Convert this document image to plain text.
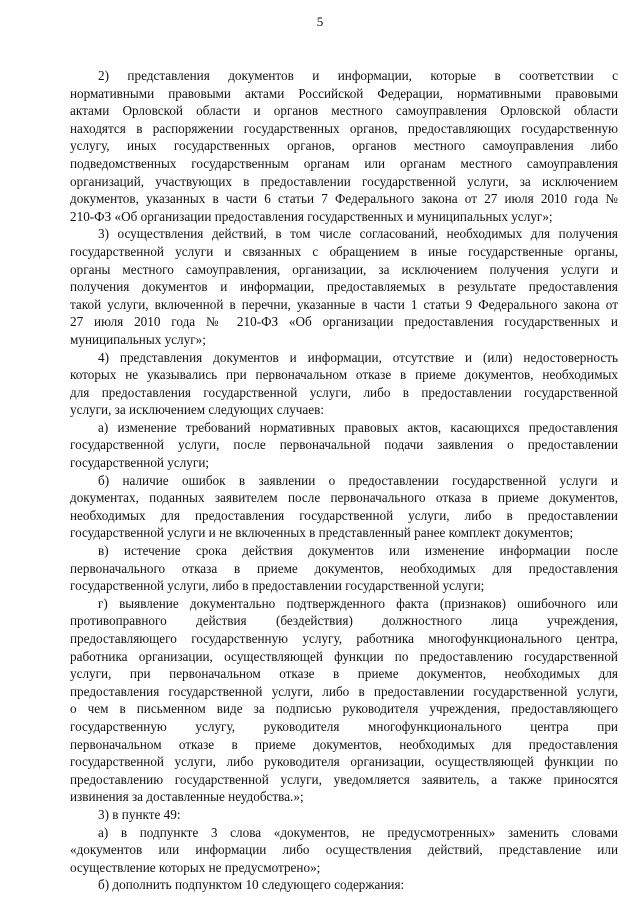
5
2) представления документов и информации, которые в соответствии с
нормативными правовыми актами Российской Федерации, нормативными правовыми
актами Орловской области и органов местного самоуправления Орловской области
находятся в распоряжении государственных органов, предоставляющих государственную
услугу, иных государственных органов, органов местного самоуправления либо
подведомственных государственным органам или органам местного самоуправления
организаций, участвующих в предоставлении государственной услуги, за исключением
документов, указанных в части 6 статьи 7 Федерального закона от 27 июля 2010 года №
210-ФЗ «Об организации предоставления государственных и муниципальных услуг»;
3) осуществления действий, в том числе согласований, необходимых для получения
государственной услуги и связанных с обращением в иные государственные органы,
органы местного самоуправления, организации, за исключением получения услуги и
получения документов и информации, предоставляемых в результате предоставления
такой услуги, включенной в перечни, указанные в части 1 статьи 9 Федерального закона от
27 июля 2010 года № 210-ФЗ «Об организации предоставления государственных и
муниципальных услуг»;
4) представления документов и информации, отсутствие и (или) недостоверность
которых не указывались при первоначальном отказе в приеме документов, необходимых
для предоставления государственной услуги, либо в предоставлении государственной
услуги, за исключением следующих случаев:
а) изменение требований нормативных правовых актов, касающихся предоставления
государственной услуги, после первоначальной подачи заявления о предоставлении
государственной услуги;
б) наличие ошибок в заявлении о предоставлении государственной услуги и
документах, поданных заявителем после первоначального отказа в приеме документов,
необходимых для предоставления государственной услуги, либо в предоставлении
государственной услуги и не включенных в представленный ранее комплект документов;
в) истечение срока действия документов или изменение информации после
первоначального отказа в приеме документов, необходимых для предоставления
государственной услуги, либо в предоставлении государственной услуги;
г) выявление документально подтвержденного факта (признаков) ошибочного или
противоправного действия (бездействия) должностного лица учреждения,
предоставляющего государственную услугу, работника многофункционального центра,
работника организации, осуществляющей функции по предоставлению государственной
услуги, при первоначальном отказе в приеме документов, необходимых для
предоставления государственной услуги, либо в предоставлении государственной услуги,
о чем в письменном виде за подписью руководителя учреждения, предоставляющего
государственную услугу, руководителя многофункционального центра при
первоначальном отказе в приеме документов, необходимых для предоставления
государственной услуги, либо руководителя организации, осуществляющей функции по
предоставлению государственной услуги, уведомляется заявитель, а также приносятся
извинения за доставленные неудобства.»;
3) в пункте 49:
а) в подпункте 3 слова «документов, не предусмотренных» заменить словами
«документов или информации либо осуществления действий, представление или
осуществление которых не предусмотрено»;
б) дополнить подпунктом 10 следующего содержания:
